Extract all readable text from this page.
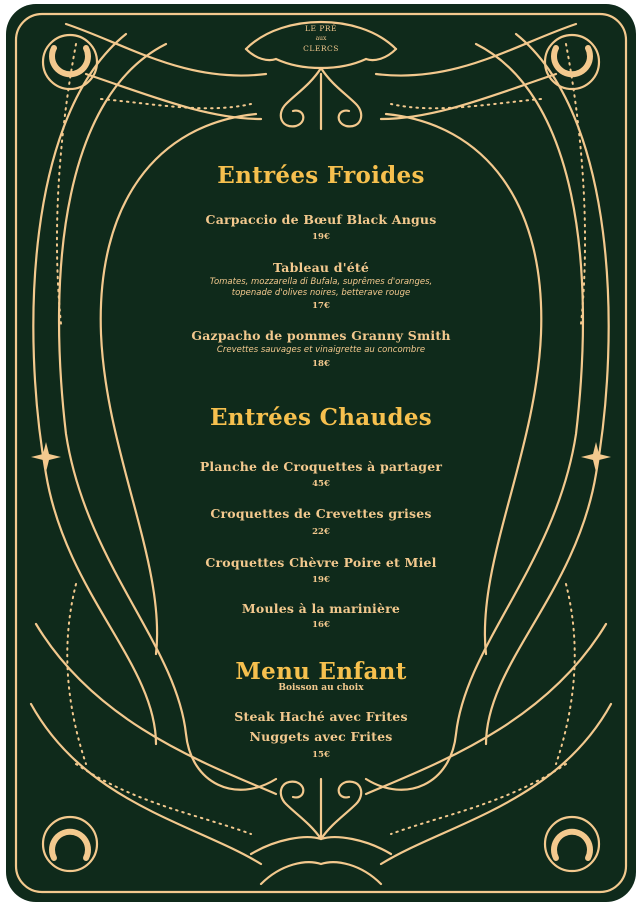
LE PRÉ
aux
CLERCS
Entrées Froides
Carpaccio de Bœuf Black Angus
19€
Tableau d'été
Tomates, mozzarella di Bufala, suprêmes d'oranges,
topenade d'olives noires, betterave rouge
17€
Gazpacho de pommes Granny Smith
Crevettes sauvages et vinaigrette au concombre
18€
Entrées Chaudes
Planche de Croquettes à partager
45€
Croquettes de Crevettes grises
22€
Croquettes Chèvre Poire et Miel
19€
Moules à la marinière
16€
Menu Enfant
Boisson au choix
Steak Haché avec Frites
Nuggets avec Frites
15€
